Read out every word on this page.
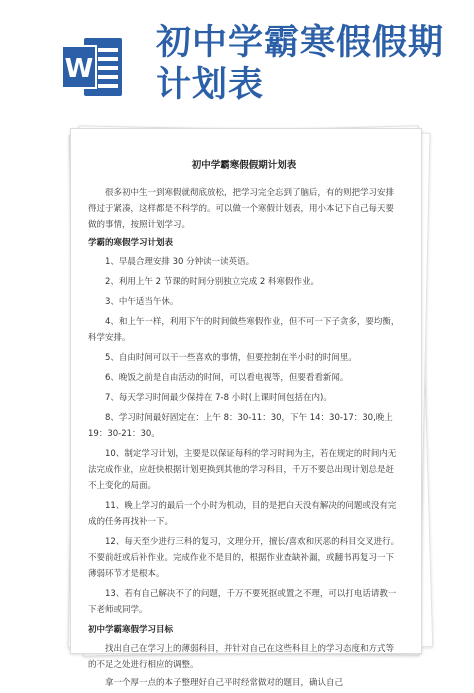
W
初中学霸寒假假期
计划表
初中学霸寒假假期计划表
很多初中生一到寒假就彻底放松，把学习完全忘到了脑后，有的则把学习安排得过于紧凑，这样都是不科学的。可以做一个寒假计划表，用小本记下自己每天要做的事情，按照计划学习。
学霸的寒假学习计划表
1、早晨合理安排 30 分钟读一读英语。
2、利用上午 2 节课的时间分别独立完成 2 科寒假作业。
3、中午适当午休。
4、和上午一样，利用下午的时间做些寒假作业，但不可一下子贪多，要均衡，科学安排。
5、自由时间可以干一些喜欢的事情，但要控制在半小时的时间里。
6、晚饭之前是自由活动的时间，可以看电视等，但要看看新闻。
7、每天学习时间最少保持在 7-8 小时(上课时间包括在内)。
8、学习时间最好固定在：上午 8：30-11：30，下午 14：30-17：30,晚上 19：30-21：30。
10、制定学习计划，主要是以保证每科的学习时间为主，若在规定的时间内无法完成作业，应赶快根据计划更换到其他的学习科目，千万不要总出现计划总是赶不上变化的局面。
11、晚上学习的最后一个小时为机动，目的是把白天没有解决的问题或没有完成的任务再找补一下。
12、每天至少进行三科的复习，文理分开，擅长/喜欢和厌恶的科目交叉进行。不要前赶或后补作业。完成作业不是目的，根据作业查缺补漏，或翻书再复习一下薄弱环节才是根本。
13、若有自己解决不了的问题，千万不要死抠或置之不理，可以打电话请教一下老师或同学。
初中学霸寒假学习目标
找出自己在学习上的薄弱科目，并针对自己在这些科目上的学习态度和方式等的不足之处进行相应的调整。
拿一个厚一点的本子整理好自己平时经常做对的题目，确认自己
